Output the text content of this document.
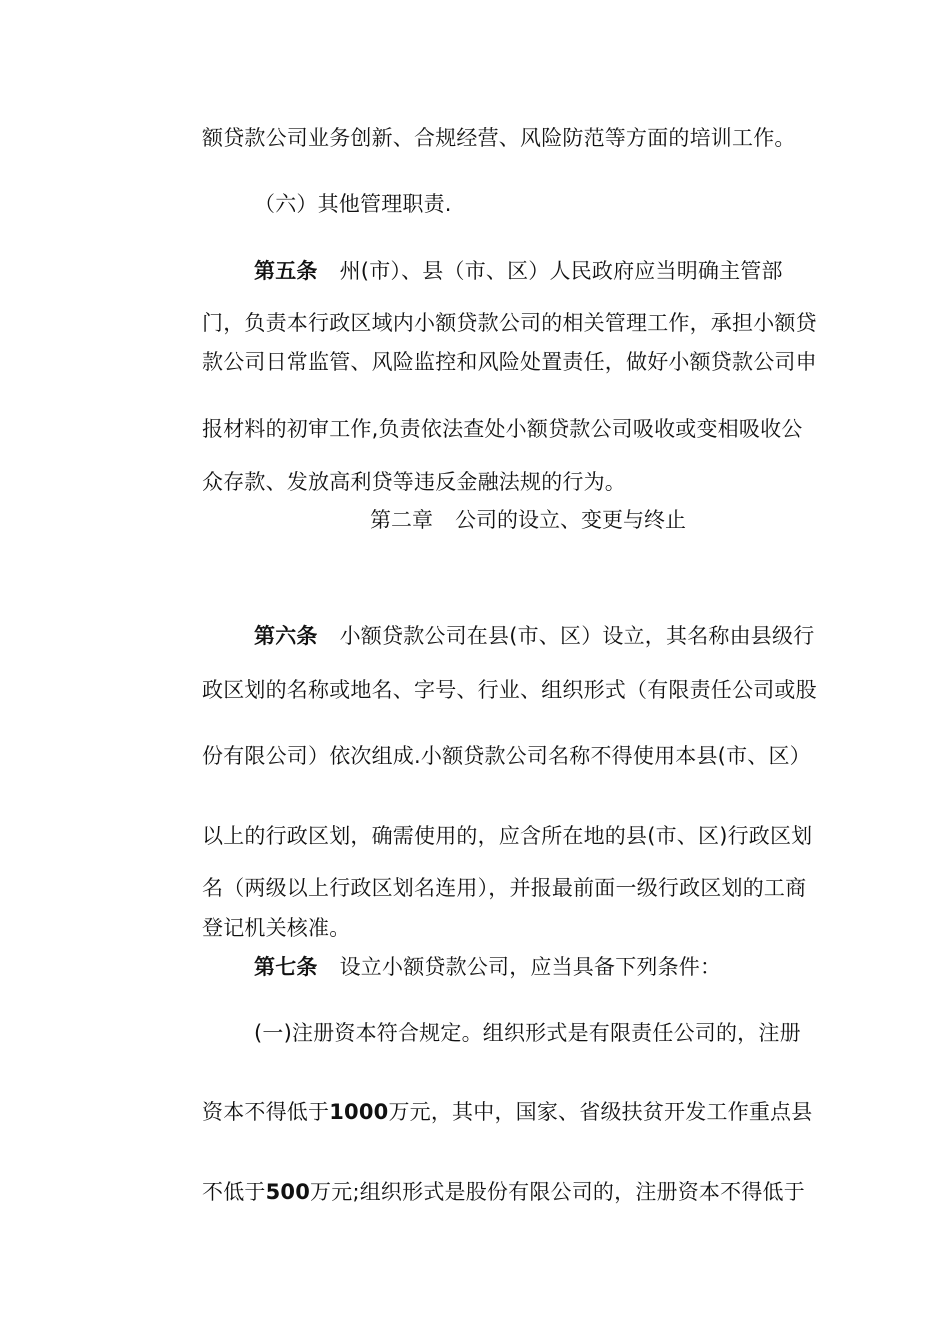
额贷款公司业务创新、合规经营、风险防范等方面的培训工作。
（六）其他管理职责.
第五条 州(市）、县（市、区）人民政府应当明确主管部
门，负责本行政区域内小额贷款公司的相关管理工作，承担小额贷
款公司日常监管、风险监控和风险处置责任，做好小额贷款公司申
报材料的初审工作,负责依法查处小额贷款公司吸收或变相吸收公
众存款、发放高利贷等违反金融法规的行为。
第二章 公司的设立、变更与终止
第六条 小额贷款公司在县(市、区）设立，其名称由县级行
政区划的名称或地名、字号、行业、组织形式（有限责任公司或股
份有限公司）依次组成.小额贷款公司名称不得使用本县(市、区）
以上的行政区划，确需使用的，应含所在地的县(市、区)行政区划
名（两级以上行政区划名连用），并报最前面一级行政区划的工商
登记机关核准。
第七条 设立小额贷款公司，应当具备下列条件：
(一)注册资本符合规定。组织形式是有限责任公司的，注册
资本不得低于1000万元，其中，国家、省级扶贫开发工作重点县
不低于500万元;组织形式是股份有限公司的，注册资本不得低于
